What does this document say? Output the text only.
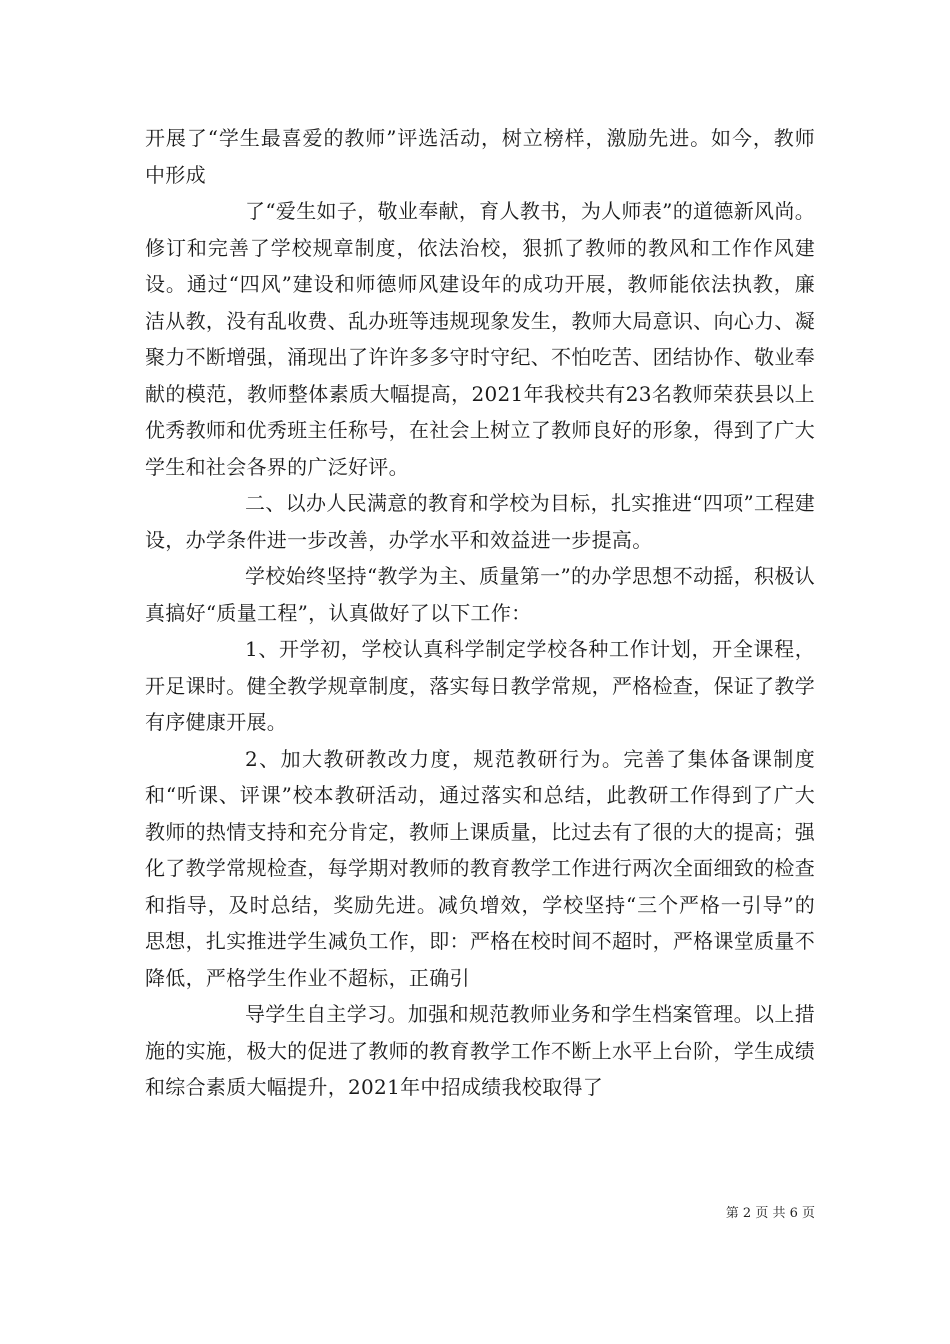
开展了“学生最喜爱的教师”评选活动，树立榜样，激励先进。如今，教师中形成

了“爱生如子，敬业奉献，育人教书，为人师表”的道德新风尚。修订和完善了学校规章制度，依法治校，狠抓了教师的教风和工作作风建设。通过“四风”建设和师德师风建设年的成功开展，教师能依法执教，廉洁从教，没有乱收费、乱办班等违规现象发生，教师大局意识、向心力、凝聚力不断增强，涌现出了许许多多守时守纪、不怕吃苦、团结协作、敬业奉献的模范，教师整体素质大幅提高，2021年我校共有23名教师荣获县以上优秀教师和优秀班主任称号，在社会上树立了教师良好的形象，得到了广大学生和社会各界的广泛好评。

二、以办人民满意的教育和学校为目标，扎实推进“四项”工程建设，办学条件进一步改善，办学水平和效益进一步提高。

学校始终坚持“教学为主、质量第一”的办学思想不动摇，积极认真搞好“质量工程”，认真做好了以下工作：

1、开学初，学校认真科学制定学校各种工作计划，开全课程，开足课时。健全教学规章制度，落实每日教学常规，严格检查，保证了教学有序健康开展。

2、加大教研教改力度，规范教研行为。完善了集体备课制度和“听课、评课”校本教研活动，通过落实和总结，此教研工作得到了广大教师的热情支持和充分肯定，教师上课质量，比过去有了很的大的提高；强化了教学常规检查，每学期对教师的教育教学工作进行两次全面细致的检查和指导，及时总结，奖励先进。减负增效，学校坚持“三个严格一引导”的思想，扎实推进学生减负工作，即：严格在校时间不超时，严格课堂质量不降低，严格学生作业不超标，正确引

导学生自主学习。加强和规范教师业务和学生档案管理。以上措施的实施，极大的促进了教师的教育教学工作不断上水平上台阶，学生成绩和综合素质大幅提升，2021年中招成绩我校取得了

第 2 页 共 6 页
